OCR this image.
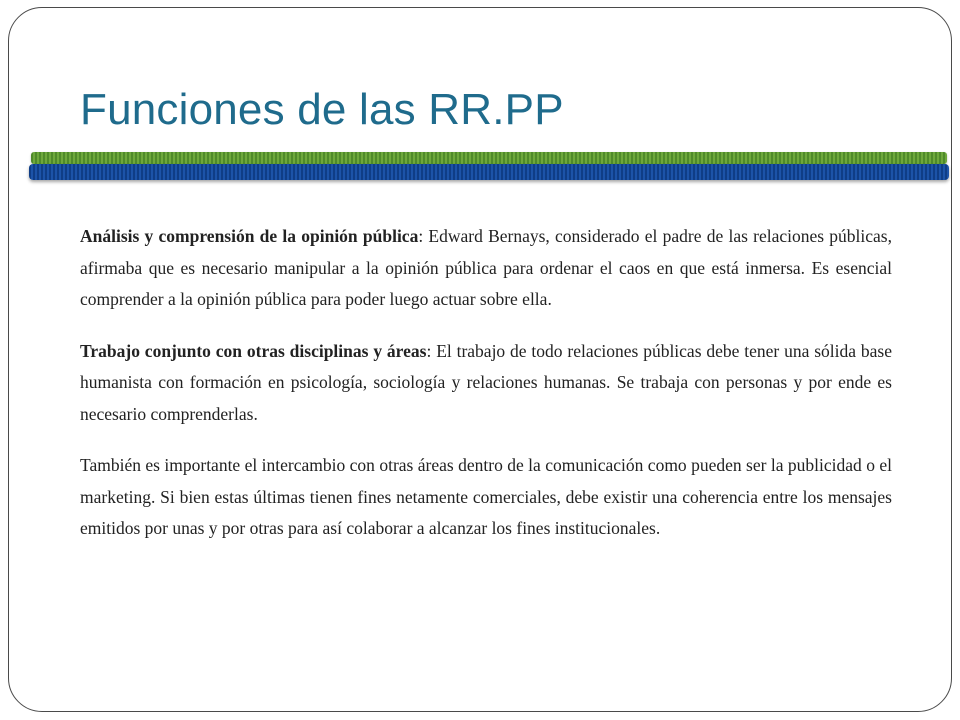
Funciones de las RR.PP

Análisis y comprensión de la opinión pública: Edward Bernays, considerado el padre de las relaciones públicas, afirmaba que es necesario manipular a la opinión pública para ordenar el caos en que está inmersa. Es esencial comprender a la opinión pública para poder luego actuar sobre ella.

Trabajo conjunto con otras disciplinas y áreas: El trabajo de todo relaciones públicas debe tener una sólida base humanista con formación en psicología, sociología y relaciones humanas. Se trabaja con personas y por ende es necesario comprenderlas.

También es importante el intercambio con otras áreas dentro de la comunicación como pueden ser la publicidad o el marketing. Si bien estas últimas tienen fines netamente comerciales, debe existir una coherencia entre los mensajes emitidos por unas y por otras para así colaborar a alcanzar los fines institucionales.
